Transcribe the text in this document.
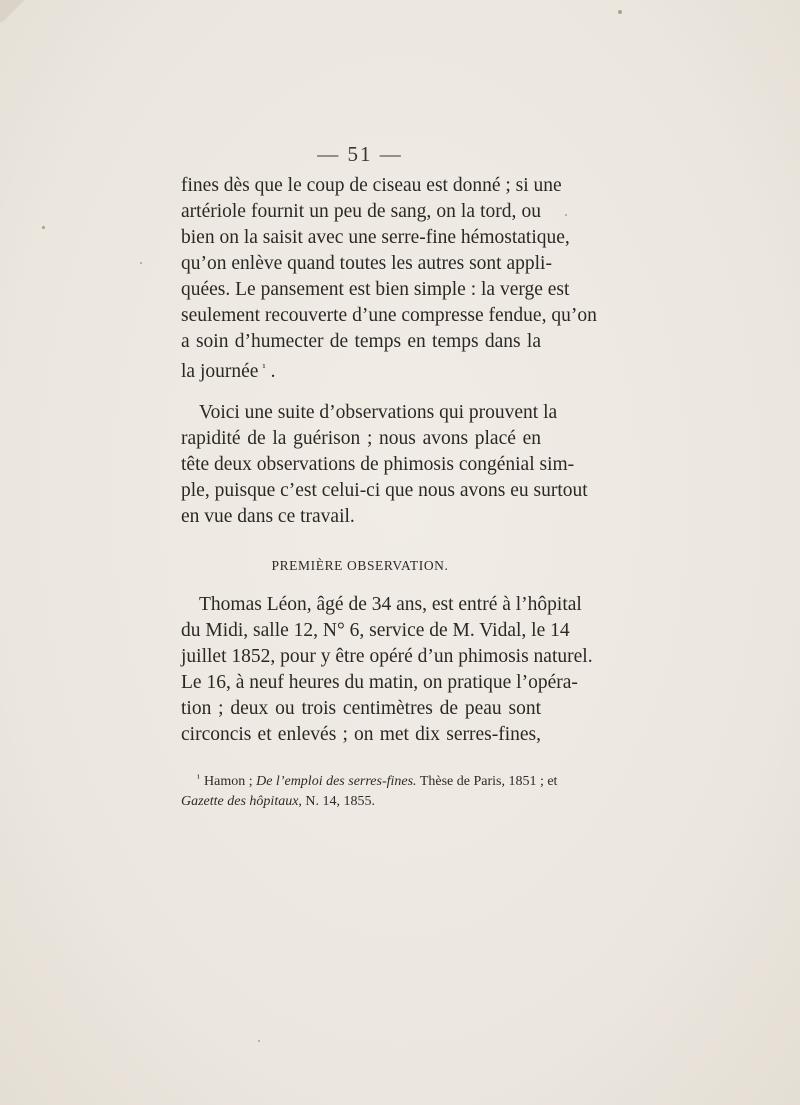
— 51 —
fines dès que le coup de ciseau est donné ; si une
artériole fournit un peu de sang, on la tord, ou
bien on la saisit avec une serre-fine hémostatique,
qu’on enlève quand toutes les autres sont appli-
quées. Le pansement est bien simple : la verge est
seulement recouverte d’une compresse fendue, qu’on
a soin d’humecter de temps en temps dans la
la journée $^{^1}$ .
Voici une suite d’observations qui prouvent la
rapidité de la guérison ; nous avons placé en
tête deux observations de phimosis congénial sim-
ple, puisque c’est celui-ci que nous avons eu surtout
en vue dans ce travail.
PREMIÈRE OBSERVATION.
Thomas Léon, âgé de 34 ans, est entré à l’hôpital
du Midi, salle 12, N° 6, service de M. Vidal, le 14
juillet 1852, pour y être opéré d’un phimosis naturel.
Le 16, à neuf heures du matin, on pratique l’opéra-
tion ; deux ou trois centimètres de peau sont
circoncis et enlevés ; on met dix serres-fines,
$^{^1}$ Hamon ; De l’emploi des serres-fines. Thèse de Paris, 1851 ; et
Gazette des hôpitaux, N. 14, 1855.
